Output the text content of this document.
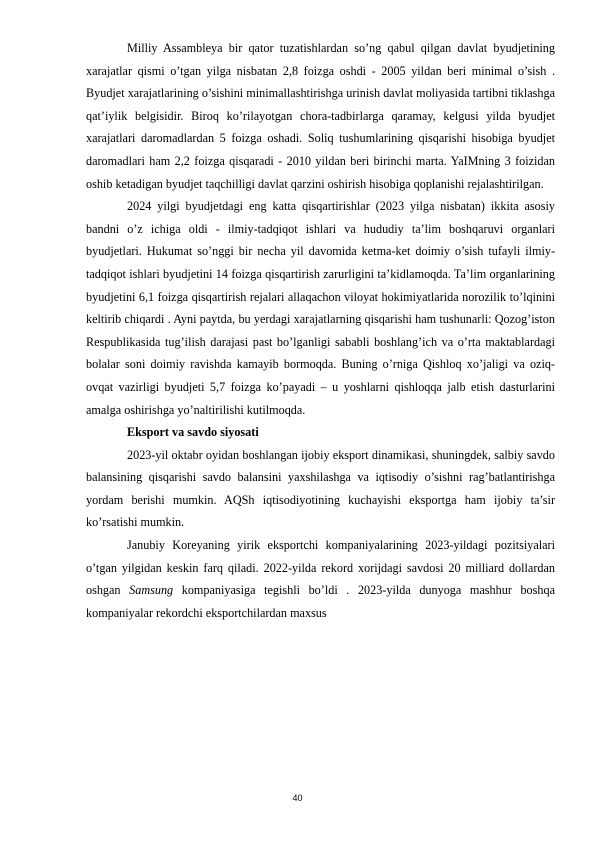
Milliy Assambleya bir qator tuzatishlardan so’ng qabul qilgan davlat byudjetining xarajatlar qismi o’tgan yilga nisbatan 2,8 foizga oshdi - 2005 yildan beri minimal o’sish . Byudjet xarajatlarining o’sishini minimallashtirishga urinish davlat moliyasida tartibni tiklashga qat’iylik belgisidir. Biroq ko’rilayotgan chora-tadbirlarga qaramay, kelgusi yilda byudjet xarajatlari daromadlardan 5 foizga oshadi. Soliq tushumlarining qisqarishi hisobiga byudjet daromadlari ham 2,2 foizga qisqaradi - 2010 yildan beri birinchi marta. YaIMning 3 foizidan oshib ketadigan byudjet taqchilligi davlat qarzini oshirish hisobiga qoplanishi rejalashtirilgan.

2024 yilgi byudjetdagi eng katta qisqartirishlar (2023 yilga nisbatan) ikkita asosiy bandni o’z ichiga oldi - ilmiy-tadqiqot ishlari va hududiy ta’lim boshqaruvi organlari byudjetlari. Hukumat so’nggi bir necha yil davomida ketma-ket doimiy o’sish tufayli ilmiy-tadqiqot ishlari byudjetini 14 foizga qisqartirish zarurligini ta’kidlamoqda. Ta’lim organlarining byudjetini 6,1 foizga qisqartirish rejalari allaqachon viloyat hokimiyatlarida norozilik to’lqinini keltirib chiqardi . Ayni paytda, bu yerdagi xarajatlarning qisqarishi ham tushunarli: Qozog’iston Respublikasida tug’ilish darajasi past bo’lganligi sababli boshlang’ich va o’rta maktablardagi bolalar soni doimiy ravishda kamayib bormoqda. Buning o’rniga Qishloq xo’jaligi va oziq-ovqat vazirligi byudjeti 5,7 foizga ko’payadi – u yoshlarni qishloqqa jalb etish dasturlarini amalga oshirishga yo’naltirilishi kutilmoqda.

Eksport va savdo siyosati

2023-yil oktabr oyidan boshlangan ijobiy eksport dinamikasi, shuningdek, salbiy savdo balansining qisqarishi savdo balansini yaxshilashga va iqtisodiy o’sishni rag’batlantirishga yordam berishi mumkin. AQSh iqtisodiyotining kuchayishi eksportga ham ijobiy ta’sir ko’rsatishi mumkin.

Janubiy Koreyaning yirik eksportchi kompaniyalarining 2023-yildagi pozitsiyalari o’tgan yilgidan keskin farq qiladi. 2022-yilda rekord xorijdagi savdosi 20 milliard dollardan oshgan Samsung kompaniyasiga tegishli bo’ldi . 2023-yilda dunyoga mashhur boshqa kompaniyalar rekordchi eksportchilardan maxsus

40
